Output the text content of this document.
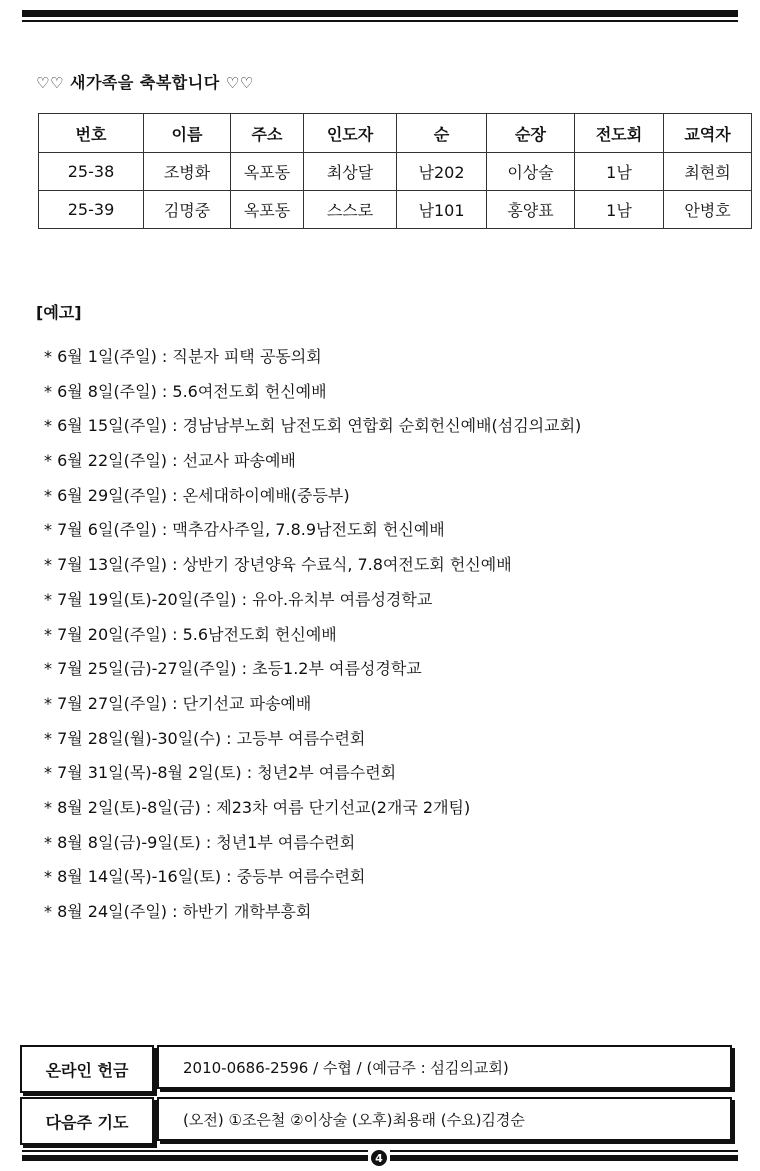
♡♡ 새가족을 축복합니다 ♡♡
번호	이름	주소	인도자	순	순장	전도회	교역자
25-38	조병화	옥포동	최상달	남202	이상술	1남	최현희
25-39	김명중	옥포동	스스로	남101	홍양표	1남	안병호
[예고]
* 6월 1일(주일) : 직분자 피택 공동의회
* 6월 8일(주일) : 5.6여전도회 헌신예배
* 6월 15일(주일) : 경남남부노회 남전도회 연합회 순회헌신예배(섬김의교회)
* 6월 22일(주일) : 선교사 파송예배
* 6월 29일(주일) : 온세대하이예배(중등부)
* 7월 6일(주일) : 맥추감사주일, 7.8.9남전도회 헌신예배
* 7월 13일(주일) : 상반기 장년양육 수료식, 7.8여전도회 헌신예배
* 7월 19일(토)-20일(주일) : 유아.유치부 여름성경학교
* 7월 20일(주일) : 5.6남전도회 헌신예배
* 7월 25일(금)-27일(주일) : 초등1.2부 여름성경학교
* 7월 27일(주일) : 단기선교 파송예배
* 7월 28일(월)-30일(수) : 고등부 여름수련회
* 7월 31일(목)-8월 2일(토) : 청년2부 여름수련회
* 8월 2일(토)-8일(금) : 제23차 여름 단기선교(2개국 2개팀)
* 8월 8일(금)-9일(토) : 청년1부 여름수련회
* 8월 14일(목)-16일(토) : 중등부 여름수련회
* 8월 24일(주일) : 하반기 개학부흥회
온라인 헌금	2010-0686-2596 / 수협 / (예금주 : 섬김의교회)
다음주 기도	(오전) ①조은철 ②이상술 (오후)최용래 (수요)김경순
4
